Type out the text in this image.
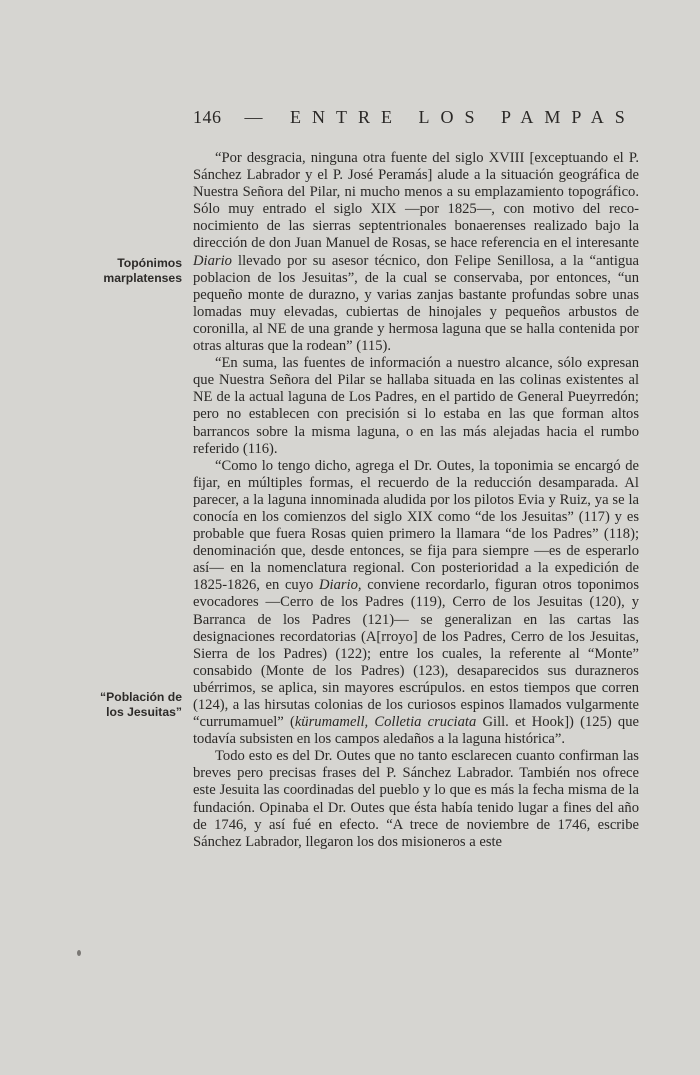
146 — ENTRE LOS PAMPAS
Topónimos
marplatenses
“Población de
los Jesuitas”

“Por desgracia, ninguna otra fuente del siglo XVIII [exceptuando el P. Sánchez Labrador y el P. José Peramás] alude a la situación geográfica de Nuestra Señora del Pilar, ni mucho menos a su emplazamiento topográfico. Sólo muy entrado el siglo XIX —por 1825—, con motivo del reconocimiento de las sierras septentrionales bonaerenses realizado bajo la dirección de don Juan Manuel de Rosas, se hace referencia en el interesante Diario llevado por su asesor técnico, don Felipe Senillosa, a la “antigua poblacion de los Jesuitas”, de la cual se conservaba, por entonces, “un pequeño monte de durazno, y varias zanjas bastante profundas sobre unas lomadas muy elevadas, cubiertas de hinojales y pequeños arbustos de coronilla, al NE de una grande y hermosa laguna que se halla contenida por otras alturas que la rodean” (115).

“En suma, las fuentes de información a nuestro alcance, sólo expresan que Nuestra Señora del Pilar se hallaba situada en las colinas existentes al NE de la actual laguna de Los Padres, en el partido de General Pueyrredón; pero no establecen con precisión si lo estaba en las que forman altos barrancos sobre la misma laguna, o en las más alejadas hacia el rumbo referido (116).

“Como lo tengo dicho, agrega el Dr. Outes, la toponimia se encargó de fijar, en múltiples formas, el recuerdo de la reducción desamparada. Al parecer, a la laguna innominada aludida por los pilotos Evia y Ruiz, ya se la conocía en los comienzos del siglo XIX como “de los Jesuitas” (117) y es probable que fuera Rosas quien primero la llamara “de los Padres” (118); denominación que, desde entonces, se fija para siempre —es de esperarlo así— en la nomenclatura regional. Con posterioridad a la expedición de 1825-1826, en cuyo Diario, conviene recordarlo, figuran otros toponimos evocadores —Cerro de los Padres (119), Cerro de los Jesuitas (120), y Barranca de los Padres (121)— se generalizan en las cartas las designaciones recordatorias (A[rroyo] de los Padres, Cerro de los Jesuitas, Sierra de los Padres) (122); entre los cuales, la referente al “Monte” consabido (Monte de los Padres) (123), desaparecidos sus durazneros ubérrimos, se aplica, sin mayores escrúpulos. en estos tiempos que corren (124), a las hirsutas colonias de los curiosos espinos llamados vulgarmente “currumamuel” (kürumamell, Colletia cruciata Gill. et Hook]) (125) que todavía subsisten en los campos aledaños a la laguna histórica”.

Todo esto es del Dr. Outes que no tanto esclarecen cuanto confirman las breves pero precisas frases del P. Sánchez Labrador. También nos ofrece este Jesuita las coordinadas del pueblo y lo que es más la fecha misma de la fundación. Opinaba el Dr. Outes que ésta había tenido lugar a fines del año de 1746, y así fué en efecto. “A trece de noviembre de 1746, escribe Sánchez Labrador, llegaron los dos misioneros a este
